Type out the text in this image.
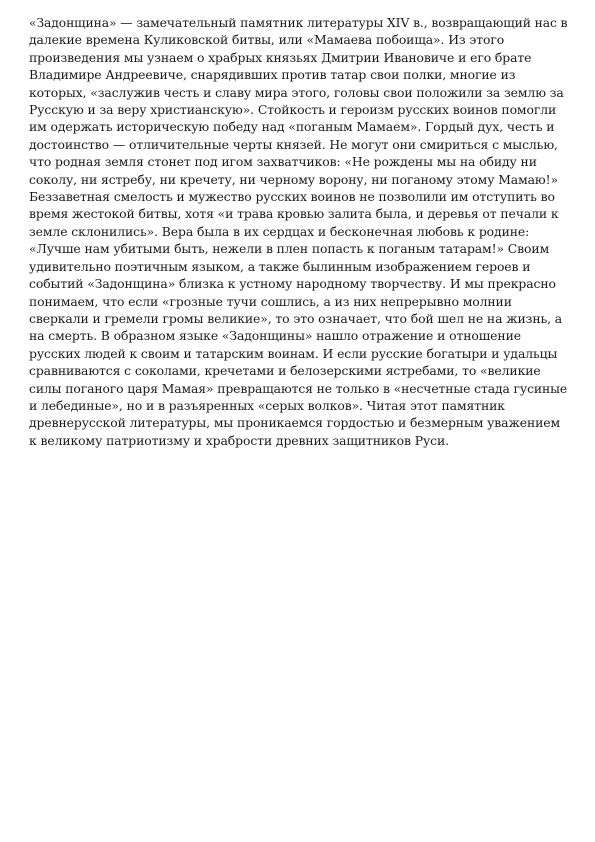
«Задонщина» — замечательный памятник литературы XIV в., возвращающий нас в
далекие времена Куликовской битвы, или «Мамаева побоища». Из этого
произведения мы узнаем о храбрых князьях Дмитрии Ивановиче и его брате
Владимире Андреевиче, снарядивших против татар свои полки, многие из
которых, «заслужив честь и славу мира этого, головы свои положили за землю за
Русскую и за веру христианскую». Стойкость и героизм русских воинов помогли
им одержать историческую победу над «поганым Мамаем». Гордый дух, честь и
достоинство — отличительные черты князей. Не могут они смириться с мыслью,
что родная земля стонет под игом захватчиков: «Не рождены мы на обиду ни
соколу, ни ястребу, ни кречету, ни черному ворону, ни поганому этому Мамаю!»
Беззаветная смелость и мужество русских воинов не позволили им отступить во
время жестокой битвы, хотя «и трава кровью залита была, и деревья от печали к
земле склонились». Вера была в их сердцах и бесконечная любовь к родине:
«Лучше нам убитыми быть, нежели в плен попасть к поганым татарам!» Своим
удивительно поэтичным языком, а также былинным изображением героев и
событий «Задонщина» близка к устному народному творчеству. И мы прекрасно
понимаем, что если «грозные тучи сошлись, а из них непрерывно молнии
сверкали и гремели громы великие», то это означает, что бой шел не на жизнь, а
на смерть. В образном языке «Задонщины» нашло отражение и отношение
русских людей к своим и татарским воинам. И если русские богатыри и удальцы
сравниваются с соколами, кречетами и белозерскими ястребами, то «великие
силы поганого царя Мамая» превращаются не только в «несчетные стада гусиные
и лебединые», но и в разъяренных «серых волков». Читая этот памятник
древнерусской литературы, мы проникаемся гордостью и безмерным уважением
к великому патриотизму и храбрости древних защитников Руси.
